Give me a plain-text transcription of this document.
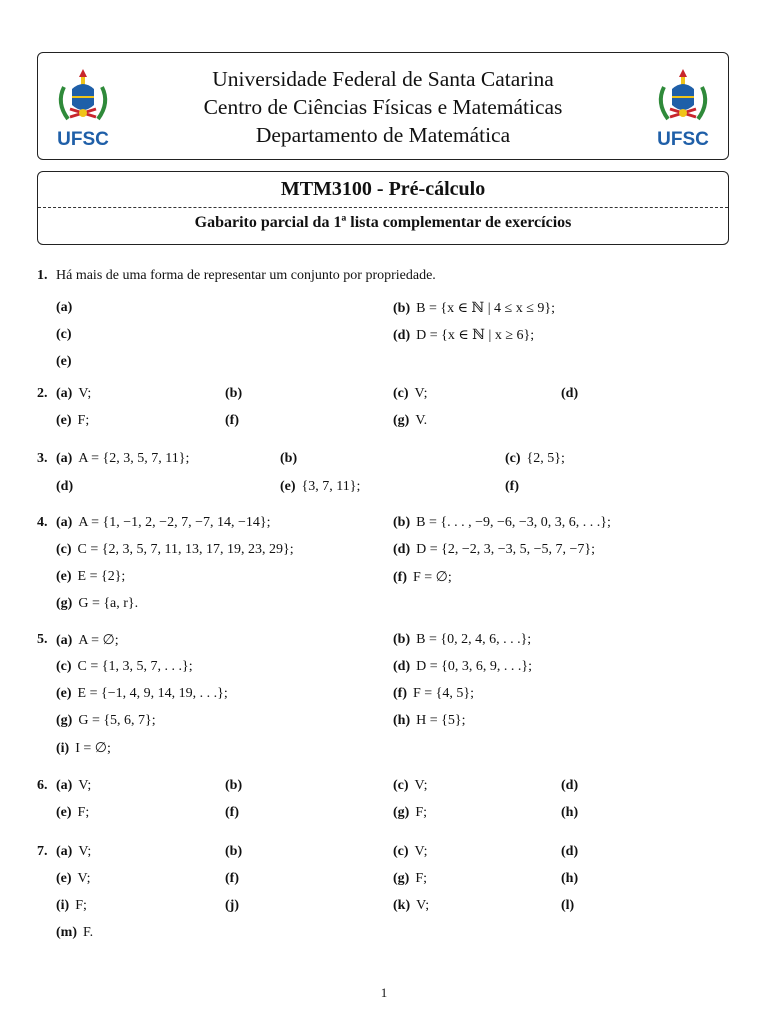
UFSC
Universidade Federal de Santa Catarina
Centro de Ciências Físicas e Matemáticas
Departamento de Matemática	UFSC
MTM3100 - Pré-cálculo
Gabarito parcial da 1ª lista complementar de exercícios
1. Há mais de uma forma de representar um conjunto por propriedade.
(a)	(b) B = {x ∈ ℕ | 4 ≤ x ≤ 9};
(c)	(d) D = {x ∈ ℕ | x ≥ 6};
(e)
2. (a) V;	(b)	(c) V;	(d)
(e) F;	(f)	(g) V.
3. (a) A = {2, 3, 5, 7, 11};	(b)	(c) {2, 5};
(d)	(e) {3, 7, 11};	(f)
4. (a) A = {1, −1, 2, −2, 7, −7, 14, −14};	(b) B = {. . . , −9, −6, −3, 0, 3, 6, . . .};
(c) C = {2, 3, 5, 7, 11, 13, 17, 19, 23, 29};	(d) D = {2, −2, 3, −3, 5, −5, 7, −7};
(e) E = {2};	(f) F = ∅;
(g) G = {a, r}.
5. (a) A = ∅;	(b) B = {0, 2, 4, 6, . . .};
(c) C = {1, 3, 5, 7, . . .};	(d) D = {0, 3, 6, 9, . . .};
(e) E = {−1, 4, 9, 14, 19, . . .};	(f) F = {4, 5};
(g) G = {5, 6, 7};	(h) H = {5};
(i) I = ∅;
6. (a) V;	(b)	(c) V;	(d)
(e) F;	(f)	(g) F;	(h)
7. (a) V;	(b)	(c) V;	(d)
(e) V;	(f)	(g) F;	(h)
(i) F;	(j)	(k) V;	(l)
(m) F.
1
